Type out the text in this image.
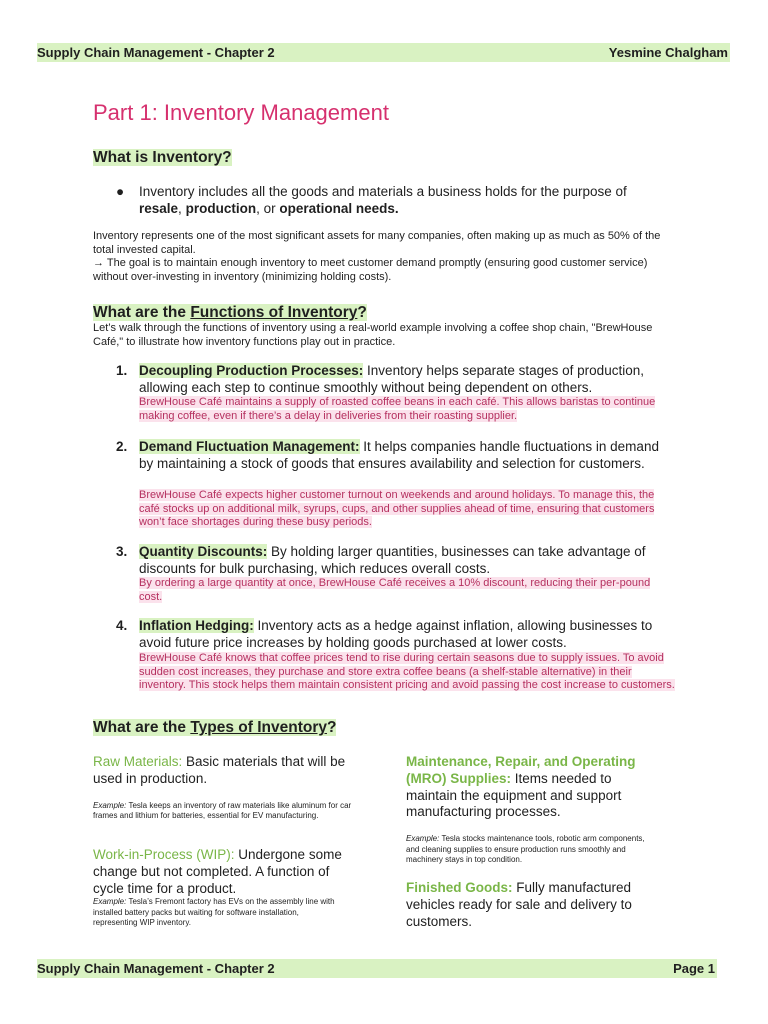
Supply Chain Management - Chapter 2	Yesmine Chalgham
Part 1: Inventory Management
What is Inventory?
● Inventory includes all the goods and materials a business holds for the purpose of
resale, production, or operational needs.
Inventory represents one of the most significant assets for many companies, often making up as much as 50% of the total invested capital.
→ The goal is to maintain enough inventory to meet customer demand promptly (ensuring good customer service) without over-investing in inventory (minimizing holding costs).
What are the Functions of Inventory?
Let’s walk through the functions of inventory using a real-world example involving a coffee shop chain, "BrewHouse Café," to illustrate how inventory functions play out in practice.
1. Decoupling Production Processes: Inventory helps separate stages of production, allowing each step to continue smoothly without being dependent on others.
BrewHouse Café maintains a supply of roasted coffee beans in each café. This allows baristas to continue making coffee, even if there’s a delay in deliveries from their roasting supplier.
2. Demand Fluctuation Management: It helps companies handle fluctuations in demand by maintaining a stock of goods that ensures availability and selection for customers.
BrewHouse Café expects higher customer turnout on weekends and around holidays. To manage this, the café stocks up on additional milk, syrups, cups, and other supplies ahead of time, ensuring that customers won’t face shortages during these busy periods.
3. Quantity Discounts: By holding larger quantities, businesses can take advantage of discounts for bulk purchasing, which reduces overall costs.
By ordering a large quantity at once, BrewHouse Café receives a 10% discount, reducing their per-pound cost.
4. Inflation Hedging: Inventory acts as a hedge against inflation, allowing businesses to avoid future price increases by holding goods purchased at lower costs.
BrewHouse Café knows that coffee prices tend to rise during certain seasons due to supply issues. To avoid sudden cost increases, they purchase and store extra coffee beans (a shelf-stable alternative) in their inventory. This stock helps them maintain consistent pricing and avoid passing the cost increase to customers.
What are the Types of Inventory?
Raw Materials: Basic materials that will be used in production.
Example: Tesla keeps an inventory of raw materials like aluminum for car frames and lithium for batteries, essential for EV manufacturing.
Work-in-Process (WIP): Undergone some change but not completed. A function of cycle time for a product.
Example: Tesla’s Fremont factory has EVs on the assembly line with installed battery packs but waiting for software installation, representing WIP inventory.
Maintenance, Repair, and Operating (MRO) Supplies: Items needed to maintain the equipment and support manufacturing processes.
Example: Tesla stocks maintenance tools, robotic arm components, and cleaning supplies to ensure production runs smoothly and machinery stays in top condition.
Finished Goods: Fully manufactured vehicles ready for sale and delivery to customers.
Supply Chain Management - Chapter 2	Page 1
